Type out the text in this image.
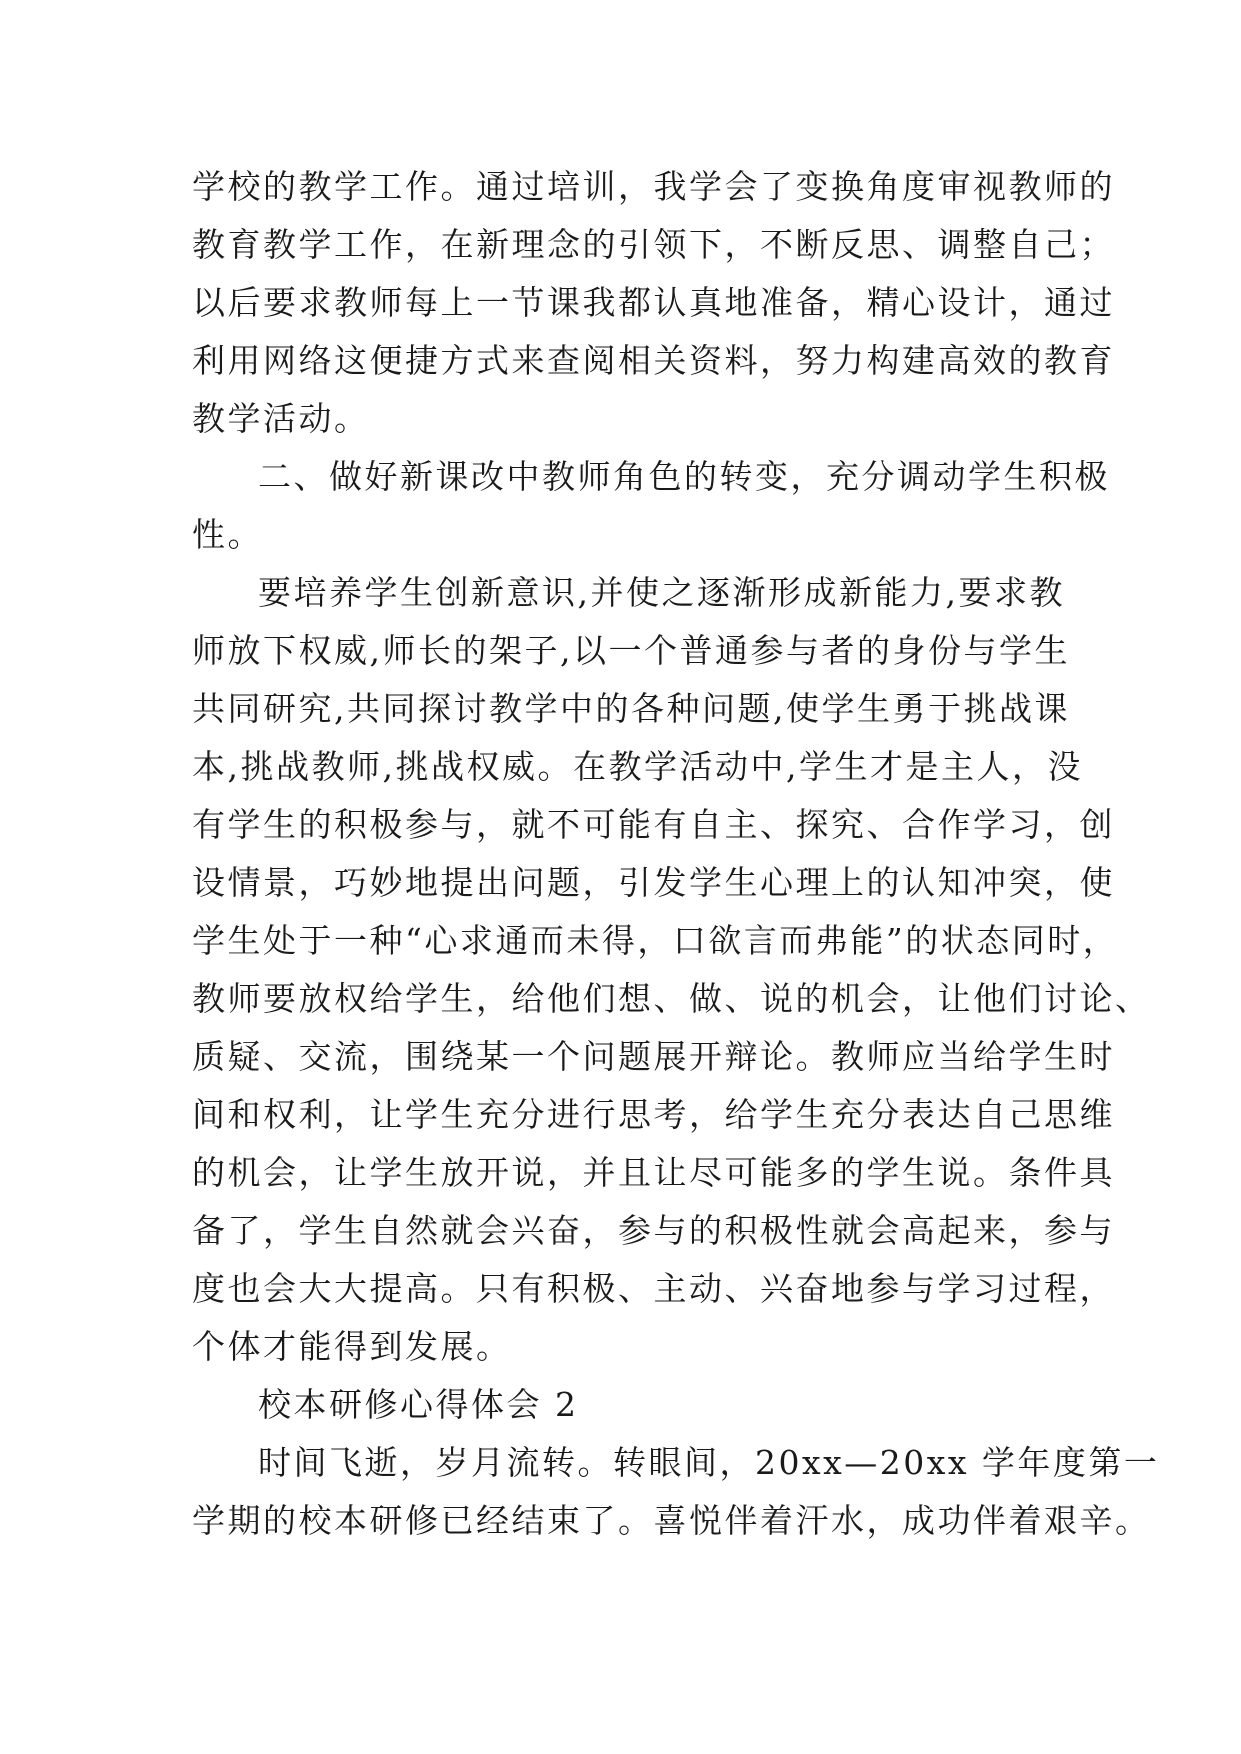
学校的教学工作。通过培训，我学会了变换角度审视教师的
教育教学工作，在新理念的引领下，不断反思、调整自己；
以后要求教师每上一节课我都认真地准备，精心设计，通过
利用网络这便捷方式来查阅相关资料，努力构建高效的教育
教学活动。
二、做好新课改中教师角色的转变，充分调动学生积极
性。
要培养学生创新意识,并使之逐渐形成新能力,要求教
师放下权威,师长的架子,以一个普通参与者的身份与学生
共同研究,共同探讨教学中的各种问题,使学生勇于挑战课
本,挑战教师,挑战权威。在教学活动中,学生才是主人，没
有学生的积极参与，就不可能有自主、探究、合作学习，创
设情景，巧妙地提出问题，引发学生心理上的认知冲突，使
学生处于一种“心求通而未得，口欲言而弗能”的状态同时，
教师要放权给学生，给他们想、做、说的机会，让他们讨论、
质疑、交流，围绕某一个问题展开辩论。教师应当给学生时
间和权利，让学生充分进行思考，给学生充分表达自己思维
的机会，让学生放开说，并且让尽可能多的学生说。条件具
备了，学生自然就会兴奋，参与的积极性就会高起来，参与
度也会大大提高。只有积极、主动、兴奋地参与学习过程，
个体才能得到发展。
校本研修心得体会 2
时间飞逝，岁月流转。转眼间，20xx—20xx 学年度第一
学期的校本研修已经结束了。喜悦伴着汗水，成功伴着艰辛。
